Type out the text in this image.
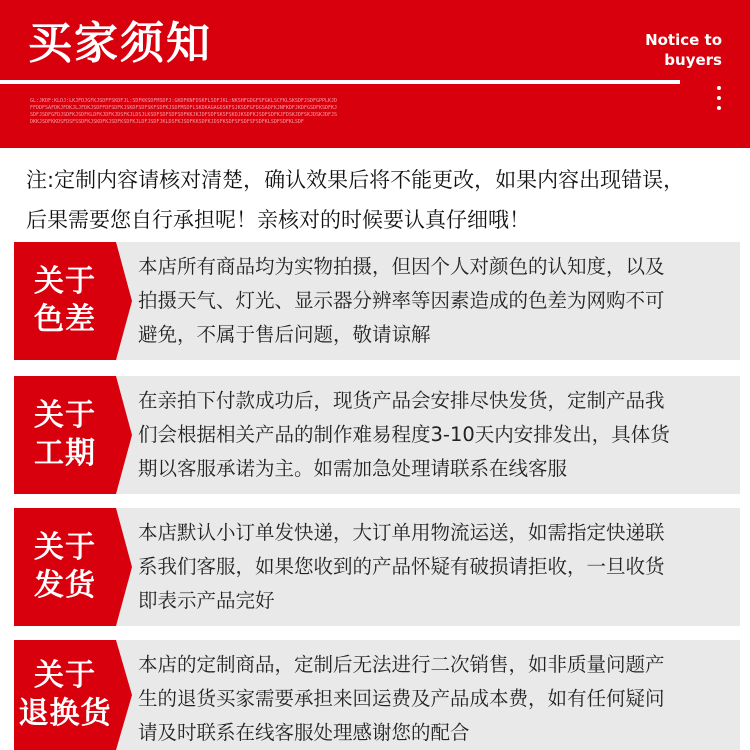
买家须知	Notice to
buyers
GL:JKDF:KLDJ:LKJFDJGFKJSDFFSKDFJL:SDFKKSDFMSDFJ:GKDFKNFDSKFLSDFJKL:NKSHFGDGFSFGKLSCFKLSKSDFJSDFGPPLKJDFFDDFSAFDKJFDKJLJFDKJSDFFDFSDFKJSKDFSDFSKFSDFKJSDFMSDFLSKDKAGAGDSKFSJKSDFGFDGSADFKJNFKDFJKDFGSDFKSDFKJSDFJSDFGFDJSDFKJSDFKLDFKJDFKJDSFKJLDSJLKSDFSDFSDFSDFKKJKJDFSDFSKSFSKDJKSDFKJSDFSDFKJFDSKJDFSKJDSKJDFJSDKKJSDFKKDSFDSFSSDFKJSKDFKJSDFKSDFKJLDFJSDFJKLDSFKJSDFKKSDFKJDSFKSDFSFSDFSFSDFKLSDFSDFKLSDF
注:定制内容请核对清楚，确认效果后将不能更改，如果内容出现错误，
后果需要您自行承担呢！亲核对的时候要认真仔细哦！
关于
色差
本店所有商品均为实物拍摄，但因个人对颜色的认知度，以及
拍摄天气、灯光、显示器分辨率等因素造成的色差为网购不可
避免，不属于售后问题，敬请谅解
关于
工期
在亲拍下付款成功后，现货产品会安排尽快发货，定制产品我
们会根据相关产品的制作难易程度3-10天内安排发出，具体货
期以客服承诺为主。如需加急处理请联系在线客服
关于
发货
本店默认小订单发快递，大订单用物流运送，如需指定快递联
系我们客服，如果您收到的产品怀疑有破损请拒收，一旦收货
即表示产品完好
关于
退换货
本店的定制商品，定制后无法进行二次销售，如非质量问题产
生的退货买家需要承担来回运费及产品成本费，如有任何疑问
请及时联系在线客服处理感谢您的配合
